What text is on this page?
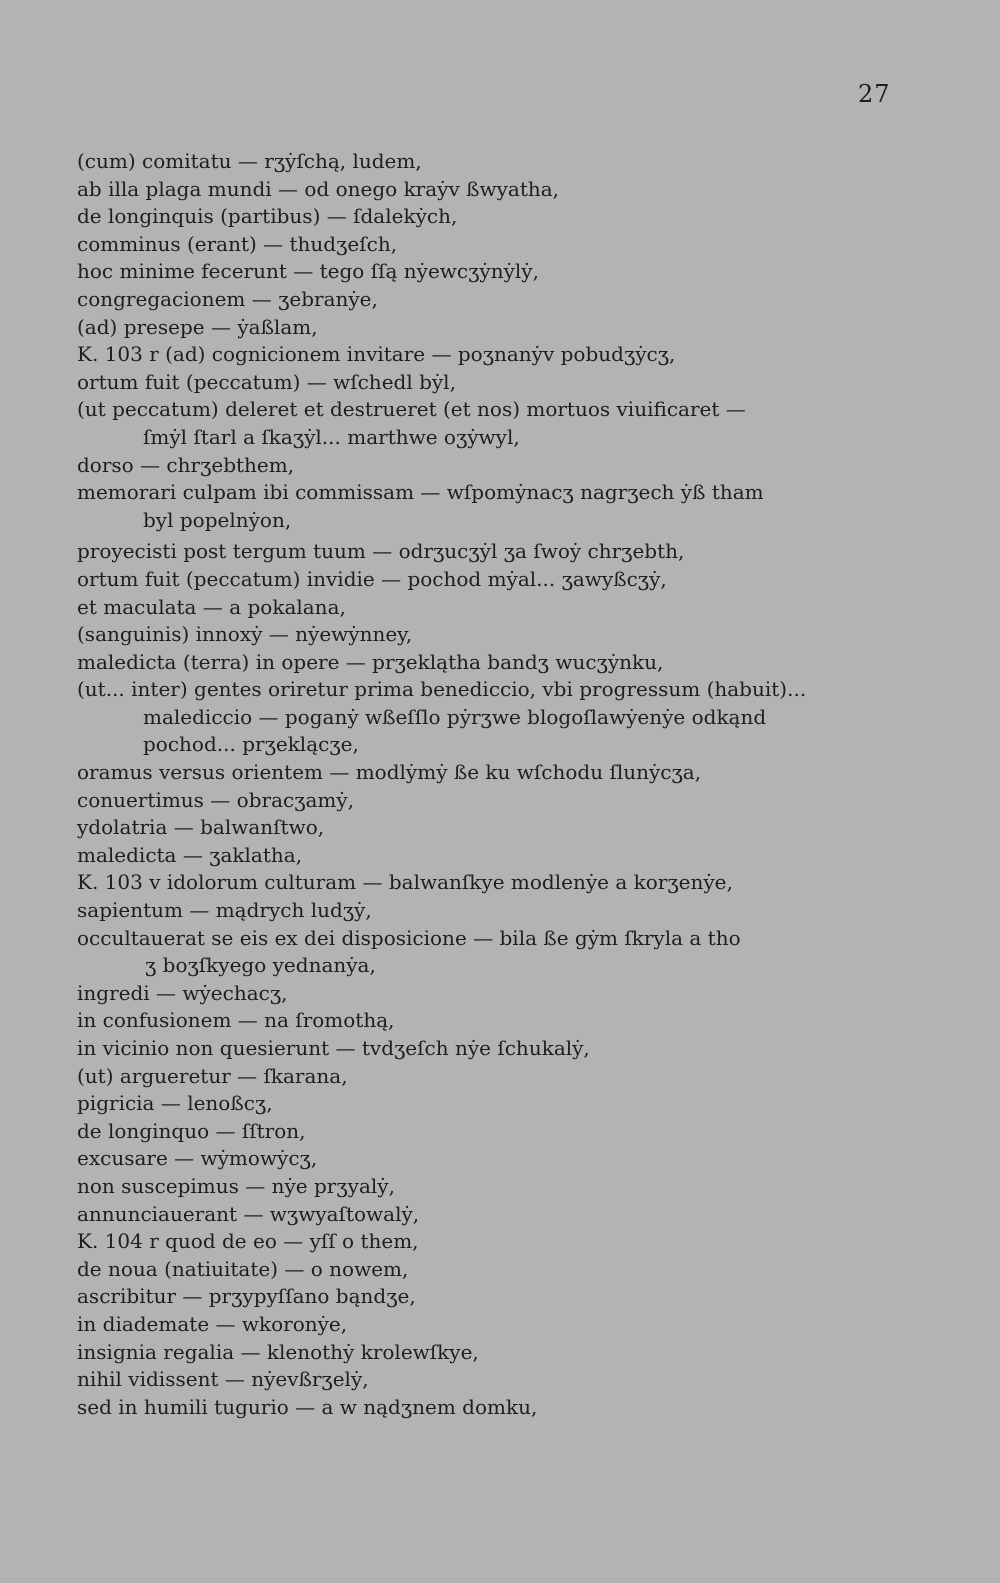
27
(cum) comitatu — rʒẏſchą, ludem,
ab illa plaga mundi — od onego kraẏv ßwyatha,
de longinquis (partibus) — ſdalekẏch,
comminus (erant) — thudʒeſch,
hoc minime fecerunt — tego ſſą nẏewcʒẏnẏlẏ,
congregacionem — ʒebranẏe,
(ad) presepe — ẏaßlam,
K. 103 r (ad) cognicionem invitare — poʒnanẏv pobudʒẏcʒ,
ortum fuit (peccatum) — wſchedl bẏl,
(ut peccatum) deleret et destrueret (et nos) mortuos viuificaret —
ſmẏl ſtarl a ſkaʒẏl... marthwe oʒẏwyl,
dorso — chrʒebthem,
memorari culpam ibi commissam — wſpomẏnacʒ nagrʒech ẏß tham
byl popelnẏon,
proyecisti post tergum tuum — odrʒucʒẏl ʒa ſwoẏ chrʒebth,
ortum fuit (peccatum) invidie — pochod mẏal... ʒawyßcʒẏ,
et maculata — a pokalana,
(sanguinis) innoxẏ — nẏewẏnney,
maledicta (terra) in opere — prʒeklątha bandʒ wucʒẏnku,
(ut... inter) gentes oriretur prima benediccio, vbi progressum (habuit)...
malediccio — poganẏ wßeſſlo pẏrʒwe blogoſlawẏenẏe odkąnd
pochod... prʒeklącʒe,
oramus versus orientem — modlẏmẏ ße ku wſchodu ſlunẏcʒa,
conuertimus — obracʒamẏ,
ydolatria — balwanſtwo,
maledicta — ʒaklatha,
K. 103 v idolorum culturam — balwanſkye modlenẏe a korʒenẏe,
sapientum — mądrych ludʒẏ,
occultauerat se eis ex dei disposicione — bila ße gẏm ſkryla a tho
ʒ boʒſkyego yednanẏa,
ingredi — wẏechacʒ,
in confusionem — na ſromothą,
in vicinio non quesierunt — tvdʒeſch nẏe ſchukalẏ,
(ut) argueretur — ſkarana,
pigricia — lenoßcʒ,
de longinquo — ſſtron,
excusare — wẏmowẏcʒ,
non suscepimus — nẏe prʒyalẏ,
annunciauerant — wʒwyaſtowalẏ,
K. 104 r quod de eo — yſſ o them,
de noua (natiuitate) — o nowem,
ascribitur — prʒypyſſano bąndʒe,
in diademate — wkoronẏe,
insignia regalia — klenothẏ krolewſkye,
nihil vidissent — nẏevßrʒelẏ,
sed in humili tugurio — a w nądʒnem domku,
